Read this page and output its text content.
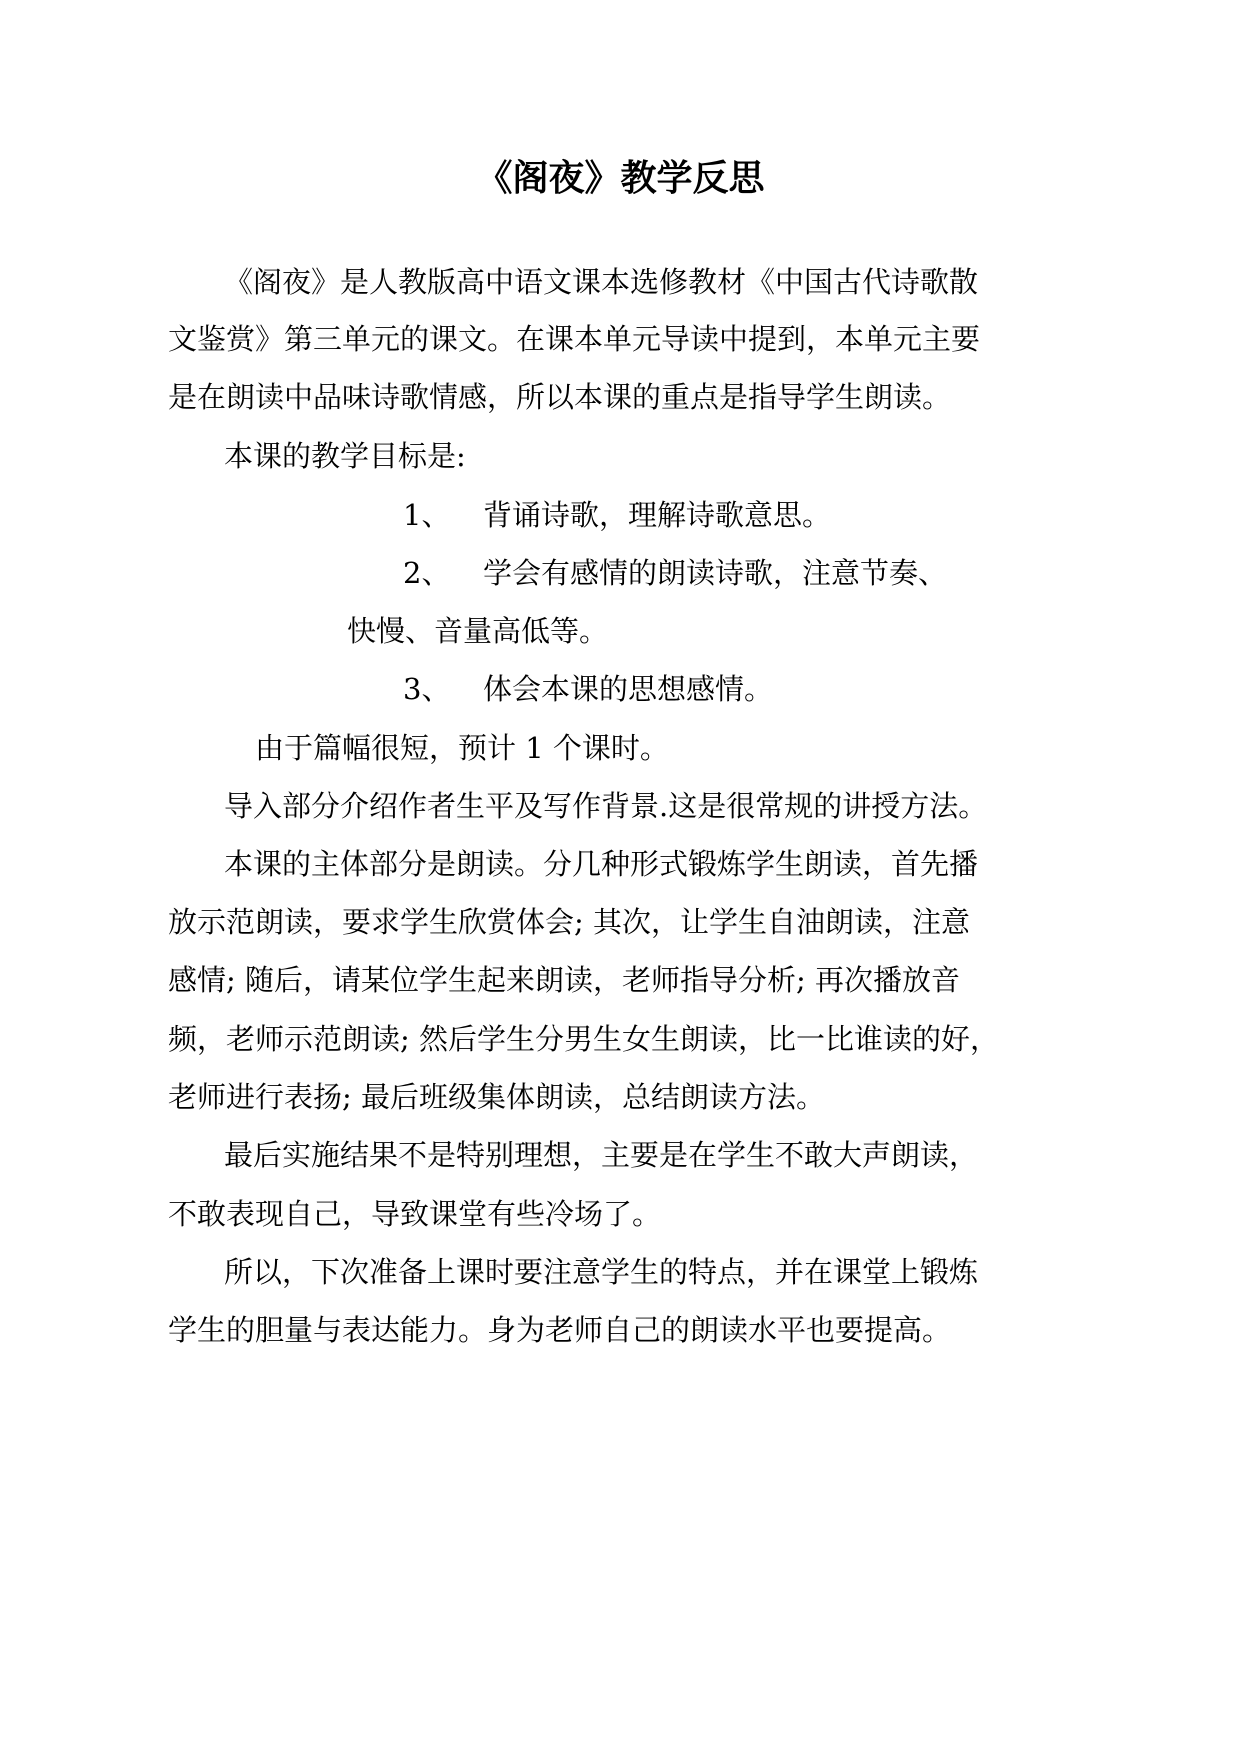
《阁夜》教学反思
《阁夜》是人教版高中语文课本选修教材《中国古代诗歌散
文鉴赏》第三单元的课文。在课本单元导读中提到，本单元主要
是在朗读中品味诗歌情感，所以本课的重点是指导学生朗读。
本课的教学目标是:
1、 背诵诗歌，理解诗歌意思。
2、 学会有感情的朗读诗歌，注意节奏、
快慢、音量高低等。
3、 体会本课的思想感情。
由于篇幅很短，预计 1 个课时。
导入部分介绍作者生平及写作背景.这是很常规的讲授方法。
本课的主体部分是朗读。分几种形式锻炼学生朗读，首先播
放示范朗读，要求学生欣赏体会; 其次，让学生自油朗读，注意
感情; 随后，请某位学生起来朗读，老师指导分析; 再次播放音
频，老师示范朗读; 然后学生分男生女生朗读，比一比谁读的好，
老师进行表扬; 最后班级集体朗读，总结朗读方法。
最后实施结果不是特别理想，主要是在学生不敢大声朗读，
不敢表现自己，导致课堂有些冷场了。
所以，下次准备上课时要注意学生的特点，并在课堂上锻炼
学生的胆量与表达能力。身为老师自己的朗读水平也要提高。
